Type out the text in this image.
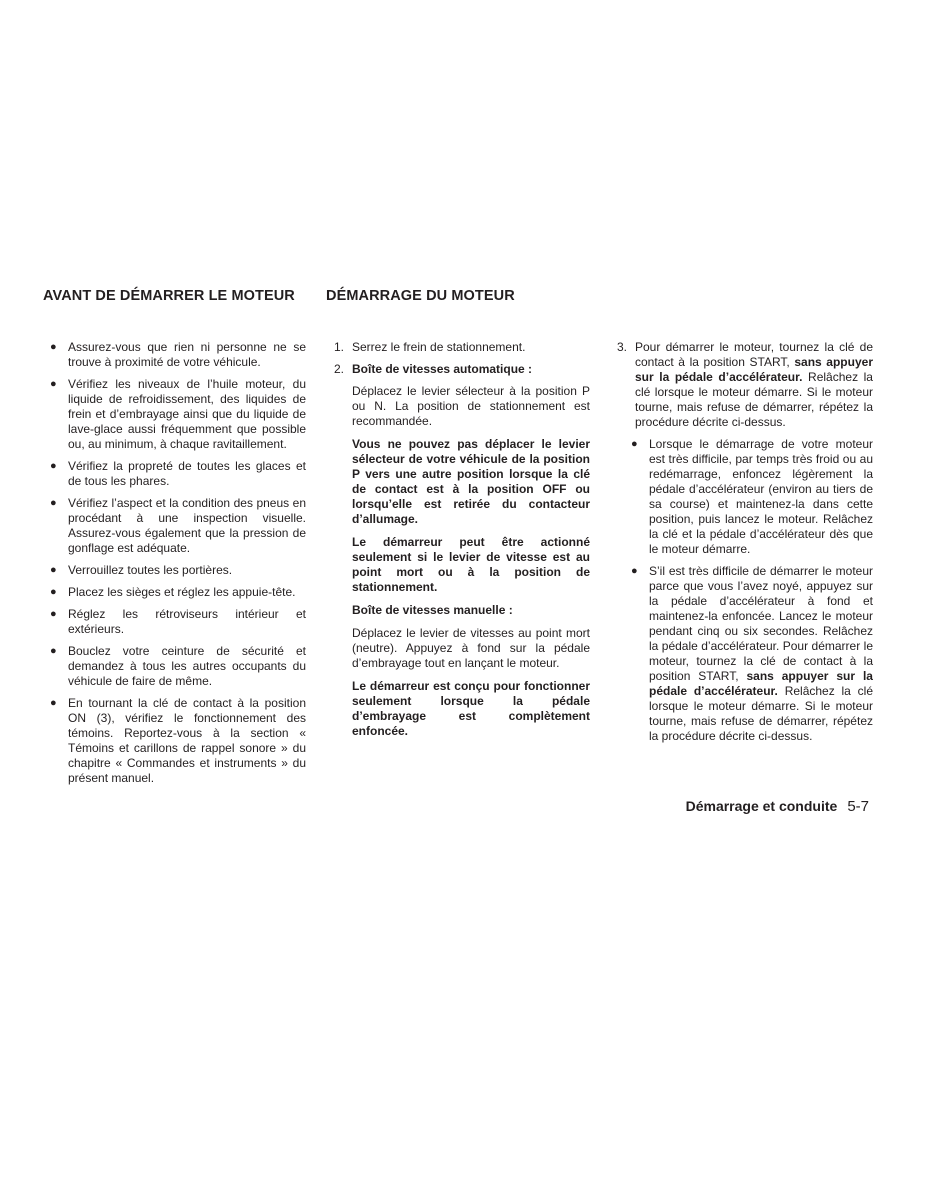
AVANT DE DÉMARRER LE MOTEUR DÉMARRAGE DU MOTEUR
● Assurez-vous que rien ni personne ne se trouve à proximité de votre véhicule.
● Vérifiez les niveaux de l’huile moteur, du liquide de refroidissement, des liquides de frein et d’embrayage ainsi que du liquide de lave-glace aussi fréquemment que possible ou, au minimum, à chaque ravitaillement.
● Vérifiez la propreté de toutes les glaces et de tous les phares.
● Vérifiez l’aspect et la condition des pneus en procédant à une inspection visuelle. Assurez-vous également que la pression de gonflage est adéquate.
● Verrouillez toutes les portières.
● Placez les sièges et réglez les appuie-tête.
● Réglez les rétroviseurs intérieur et extérieurs.
● Bouclez votre ceinture de sécurité et demandez à tous les autres occupants du véhicule de faire de même.
● En tournant la clé de contact à la position ON (3), vérifiez le fonctionnement des témoins. Reportez-vous à la section « Témoins et carillons de rappel sonore » du chapitre « Commandes et instruments » du présent manuel.
1. Serrez le frein de stationnement.
2. Boîte de vitesses automatique :

Déplacez le levier sélecteur à la position P ou N. La position de stationnement est recommandée.

Vous ne pouvez pas déplacer le levier sélecteur de votre véhicule de la position P vers une autre position lorsque la clé de contact est à la position OFF ou lorsqu’elle est retirée du contacteur d’allumage.

Le démarreur peut être actionné seulement si le levier de vitesse est au point mort ou à la position de stationnement.

Boîte de vitesses manuelle :

Déplacez le levier de vitesses au point mort (neutre). Appuyez à fond sur la pédale d’embrayage tout en lançant le moteur.

Le démarreur est conçu pour fonctionner seulement lorsque la pédale d’embrayage est complètement enfoncée.

3. Pour démarrer le moteur, tournez la clé de contact à la position START, sans appuyer sur la pédale d’accélérateur. Relâchez la clé lorsque le moteur démarre. Si le moteur tourne, mais refuse de démarrer, répétez la procédure décrite ci-dessus.
● Lorsque le démarrage de votre moteur est très difficile, par temps très froid ou au redémarrage, enfoncez légèrement la pédale d’accélérateur (environ au tiers de sa course) et maintenez-la dans cette position, puis lancez le moteur. Relâchez la clé et la pédale d’accélérateur dès que le moteur démarre.
● S’il est très difficile de démarrer le moteur parce que vous l’avez noyé, appuyez sur la pédale d’accélérateur à fond et maintenez-la enfoncée. Lancez le moteur pendant cinq ou six secondes. Relâchez la pédale d’accélérateur. Pour démarrer le moteur, tournez la clé de contact à la position START, sans appuyer sur la pédale d’accélérateur. Relâchez la clé lorsque le moteur démarre. Si le moteur tourne, mais refuse de démarrer, répétez la procédure décrite ci-dessus.
Démarrage et conduite 5-7
